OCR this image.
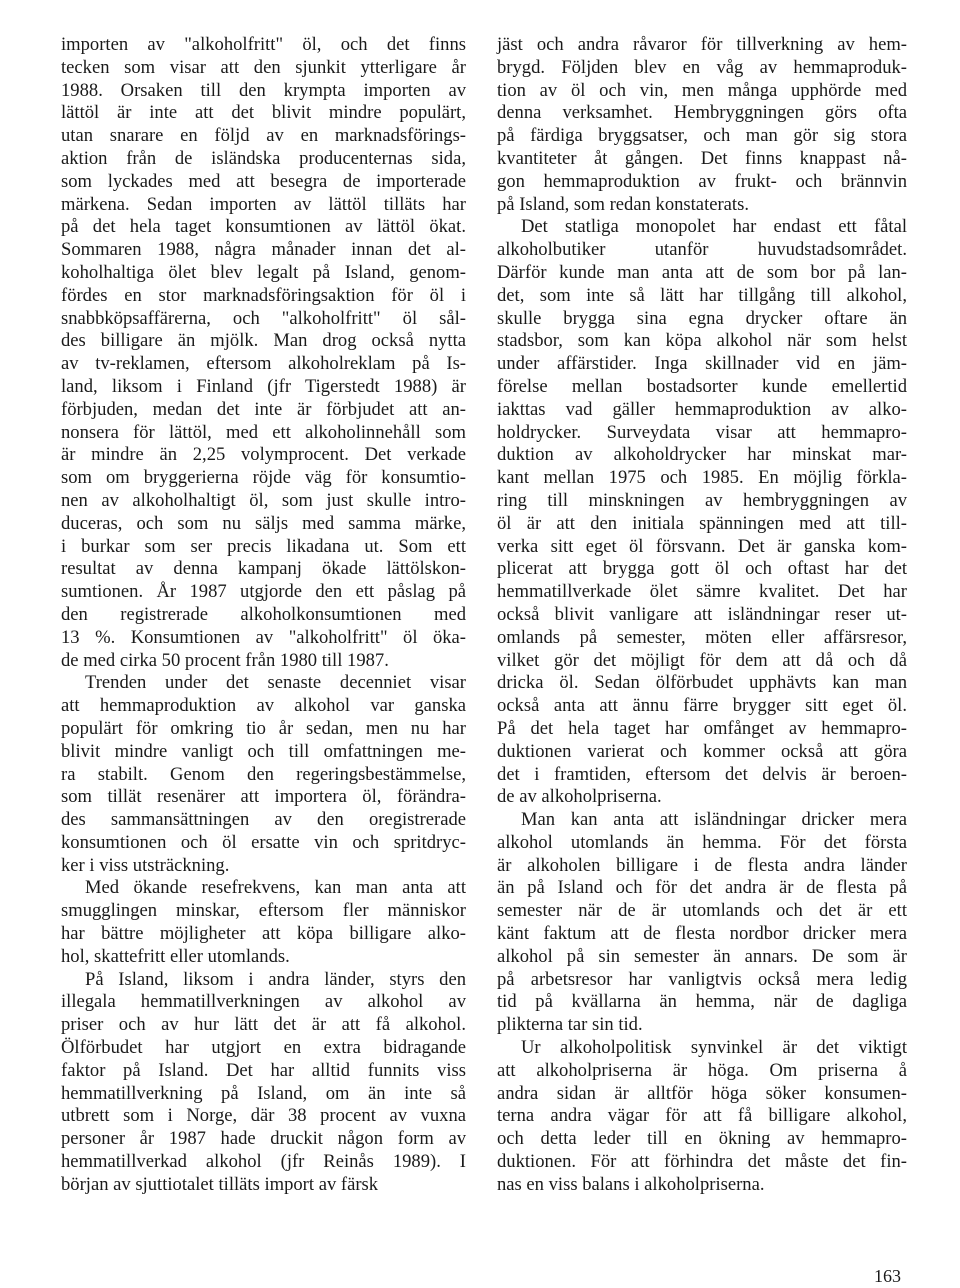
importen av "alkoholfritt" öl, och det finns
tecken som visar att den sjunkit ytterligare år
1988. Orsaken till den krympta importen av
lättöl är inte att det blivit mindre populärt,
utan snarare en följd av en marknadsförings-
aktion från de isländska producenternas sida,
som lyckades med att besegra de importerade
märkena. Sedan importen av lättöl tilläts har
på det hela taget konsumtionen av lättöl ökat.
Sommaren 1988, några månader innan det al-
koholhaltiga ölet blev legalt på Island, genom-
fördes en stor marknadsföringsaktion för öl i
snabbköpsaffärerna, och "alkoholfritt" öl sål-
des billigare än mjölk. Man drog också nytta
av tv-reklamen, eftersom alkoholreklam på Is-
land, liksom i Finland (jfr Tigerstedt 1988) är
förbjuden, medan det inte är förbjudet att an-
nonsera för lättöl, med ett alkoholinnehåll som
är mindre än 2,25 volymprocent. Det verkade
som om bryggerierna röjde väg för konsumtio-
nen av alkoholhaltigt öl, som just skulle intro-
duceras, och som nu säljs med samma märke,
i burkar som ser precis likadana ut. Som ett
resultat av denna kampanj ökade lättölskon-
sumtionen. År 1987 utgjorde den ett påslag på
den registrerade alkoholkonsumtionen med
13 %. Konsumtionen av "alkoholfritt" öl öka-
de med cirka 50 procent från 1980 till 1987.

Trenden under det senaste decenniet visar
att hemmaproduktion av alkohol var ganska
populärt för omkring tio år sedan, men nu har
blivit mindre vanligt och till omfattningen me-
ra stabilt. Genom den regeringsbestämmelse,
som tillät resenärer att importera öl, förändra-
des sammansättningen av den oregistrerade
konsumtionen och öl ersatte vin och spritdryc-
ker i viss utsträckning.

Med ökande resefrekvens, kan man anta att
smugglingen minskar, eftersom fler människor
har bättre möjligheter att köpa billigare alko-
hol, skattefritt eller utomlands.

På Island, liksom i andra länder, styrs den
illegala hemmatillverkningen av alkohol av
priser och av hur lätt det är att få alkohol.
Ölförbudet har utgjort en extra bidragande
faktor på Island. Det har alltid funnits viss
hemmatillverkning på Island, om än inte så
utbrett som i Norge, där 38 procent av vuxna
personer år 1987 hade druckit någon form av
hemmatillverkad alkohol (jfr Reinås 1989). I
början av sjuttiotalet tilläts import av färsk

jäst och andra råvaror för tillverkning av hem-
brygd. Följden blev en våg av hemmaproduk-
tion av öl och vin, men många upphörde med
denna verksamhet. Hembryggningen görs ofta
på färdiga bryggsatser, och man gör sig stora
kvantiteter åt gången. Det finns knappast nå-
gon hemmaproduktion av frukt- och brännvin
på Island, som redan konstaterats.

Det statliga monopolet har endast ett fåtal
alkoholbutiker utanför huvudstadsområdet.
Därför kunde man anta att de som bor på lan-
det, som inte så lätt har tillgång till alkohol,
skulle brygga sina egna drycker oftare än
stadsbor, som kan köpa alkohol när som helst
under affärstider. Inga skillnader vid en jäm-
förelse mellan bostadsorter kunde emellertid
iakttas vad gäller hemmaproduktion av alko-
holdrycker. Surveydata visar att hemmapro-
duktion av alkoholdrycker har minskat mar-
kant mellan 1975 och 1985. En möjlig förkla-
ring till minskningen av hembryggningen av
öl är att den initiala spänningen med att till-
verka sitt eget öl försvann. Det är ganska kom-
plicerat att brygga gott öl och oftast har det
hemmatillverkade ölet sämre kvalitet. Det har
också blivit vanligare att isländningar reser ut-
omlands på semester, möten eller affärsresor,
vilket gör det möjligt för dem att då och då
dricka öl. Sedan ölförbudet upphävts kan man
också anta att ännu färre brygger sitt eget öl.
På det hela taget har omfånget av hemmapro-
duktionen varierat och kommer också att göra
det i framtiden, eftersom det delvis är beroen-
de av alkoholpriserna.

Man kan anta att isländningar dricker mera
alkohol utomlands än hemma. För det första
är alkoholen billigare i de flesta andra länder
än på Island och för det andra är de flesta på
semester när de är utomlands och det är ett
känt faktum att de flesta nordbor dricker mera
alkohol på sin semester än annars. De som är
på arbetsresor har vanligtvis också mera ledig
tid på kvällarna än hemma, när de dagliga
plikterna tar sin tid.

Ur alkoholpolitisk synvinkel är det viktigt
att alkoholpriserna är höga. Om priserna å
andra sidan är alltför höga söker konsumen-
terna andra vägar för att få billigare alkohol,
och detta leder till en ökning av hemmapro-
duktionen. För att förhindra det måste det fin-
nas en viss balans i alkoholpriserna.

163
